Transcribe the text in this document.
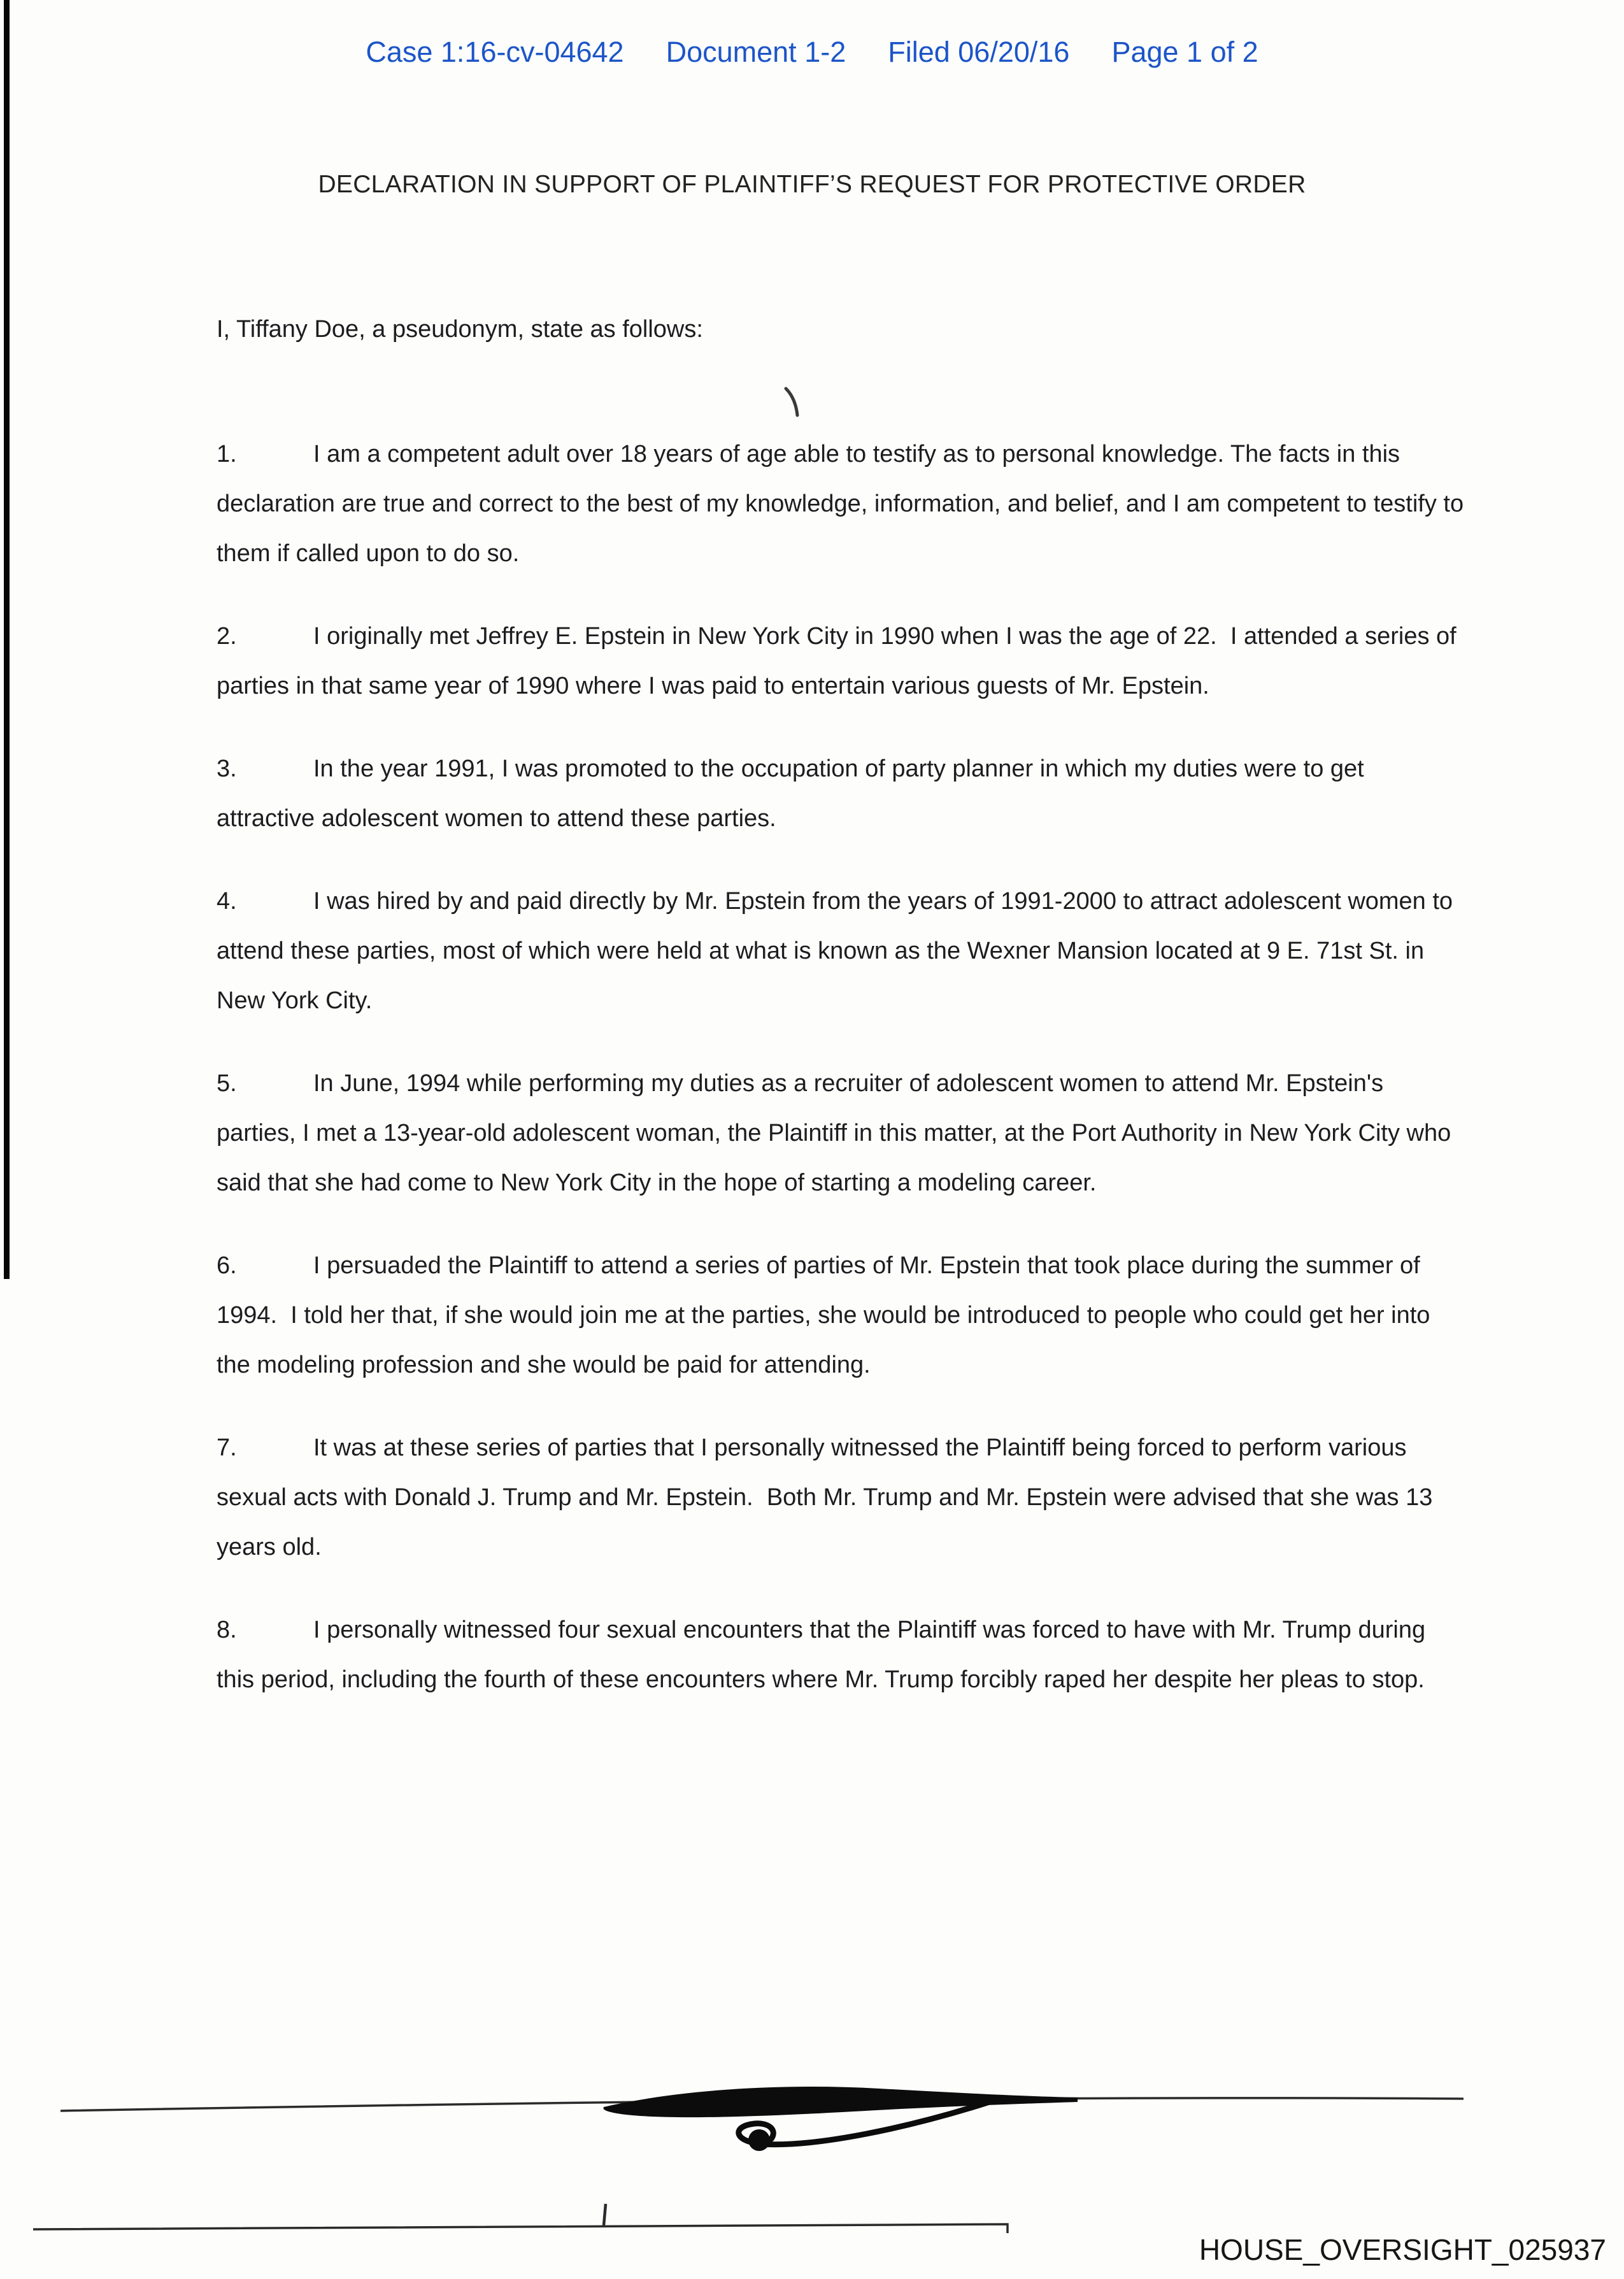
Case 1:16-cv-04642 Document 1-2 Filed 06/20/16 Page 1 of 2
DECLARATION IN SUPPORT OF PLAINTIFF’S REQUEST FOR PROTECTIVE ORDER

I, Tiffany Doe, a pseudonym, state as follows:

1.	I am a competent adult over 18 years of age able to testify as to personal knowledge. The facts in this declaration are true and correct to the best of my knowledge, information, and belief, and I am competent to testify to them if called upon to do so.

2.	I originally met Jeffrey E. Epstein in New York City in 1990 when I was the age of 22.  I attended a series of parties in that same year of 1990 where I was paid to entertain various guests of Mr. Epstein.

3.	In the year 1991, I was promoted to the occupation of party planner in which my duties were to get attractive adolescent women to attend these parties.

4.	I was hired by and paid directly by Mr. Epstein from the years of 1991-2000 to attract adolescent women to attend these parties, most of which were held at what is known as the Wexner Mansion located at 9 E. 71st St. in New York City.

5.	In June, 1994 while performing my duties as a recruiter of adolescent women to attend Mr. Epstein's parties, I met a 13-year-old adolescent woman, the Plaintiff in this matter, at the Port Authority in New York City who said that she had come to New York City in the hope of starting a modeling career.

6.	I persuaded the Plaintiff to attend a series of parties of Mr. Epstein that took place during the summer of 1994.  I told her that, if she would join me at the parties, she would be introduced to people who could get her into the modeling profession and she would be paid for attending.

7.	It was at these series of parties that I personally witnessed the Plaintiff being forced to perform various sexual acts with Donald J. Trump and Mr. Epstein.  Both Mr. Trump and Mr. Epstein were advised that she was 13 years old.

8.	I personally witnessed four sexual encounters that the Plaintiff was forced to have with Mr. Trump during this period, including the fourth of these encounters where Mr. Trump forcibly raped her despite her pleas to stop.

HOUSE_OVERSIGHT_025937
